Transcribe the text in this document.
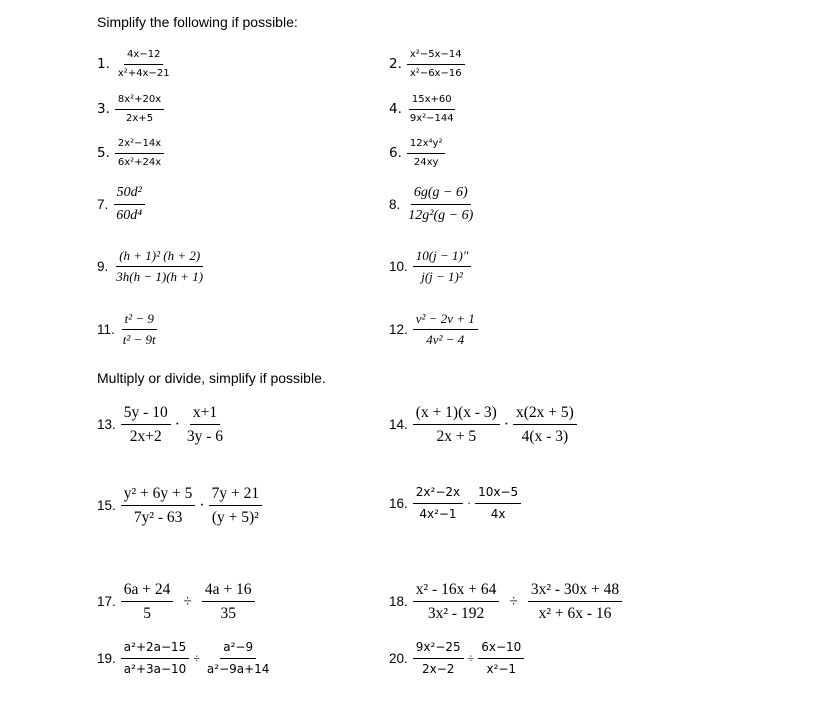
Simplify the following if possible:
Multiply or divide, simplify if possible.
1. $\frac{4x-12}{\text{x²+4x−21}}$	2. $\frac{\text{x²−5x−14}}{\text{x²−6x−16}}$
3. $\frac{\text{8x²+20x}}{2x+5}$	4. $\frac{15x+60}{\text{9x²−144}}$
5. $\frac{\text{2x²−14x}}{\text{6x²+24x}}$	6. $\frac{\text{12x⁴y²}}{24xy}$
7. $\frac{\text{50d²}}{\text{60d⁴}}$	8. $\frac{6g(g - 6)}{\text{12g²(g − 6)}}$
9. $\frac{\text{(h + 1)² (h + 2)}}{3h(h - 1)(h + 1)}$	10. $\frac{10(j - 1)''}{\text{j(j − 1)²}}$
11. $\frac{\text{t² − 9}}{\text{t² − 9t}}$	12. $\frac{\text{v² − 2v + 1}}{\text{4v² − 4}}$
13. $\frac{5y - 10}{2x+2} \cdot \frac{x+1}{3y - 6}$	14. $\frac{(x + 1)(x - 3)}{2x + 5} \cdot \frac{x(2x + 5)}{4(x - 3)}$
15. $\frac{\text{y² + 6y + 5}}{\text{7y² - 63}} \cdot \frac{7y + 21}{\text{(y + 5)²}}$	16. $\frac{\text{2x²−2x}}{\text{4x²−1}} \cdot \frac{10x-5}{4x}$
17. $\frac{6a + 24}{5} \div \frac{4a + 16}{35}$	18. $\frac{\text{x² - 16x + 64}}{\text{3x² - 192}} \div \frac{\text{3x² - 30x + 48}}{\text{x² + 6x - 16}}$
19. $\frac{\text{a²+2a−15}}{\text{a²+3a−10}} \div \frac{\text{a²−9}}{\text{a²−9a+14}}$	20. $\frac{\text{9x²−25}}{2x-2} \div \frac{6x-10}{\text{x²−1}}$
